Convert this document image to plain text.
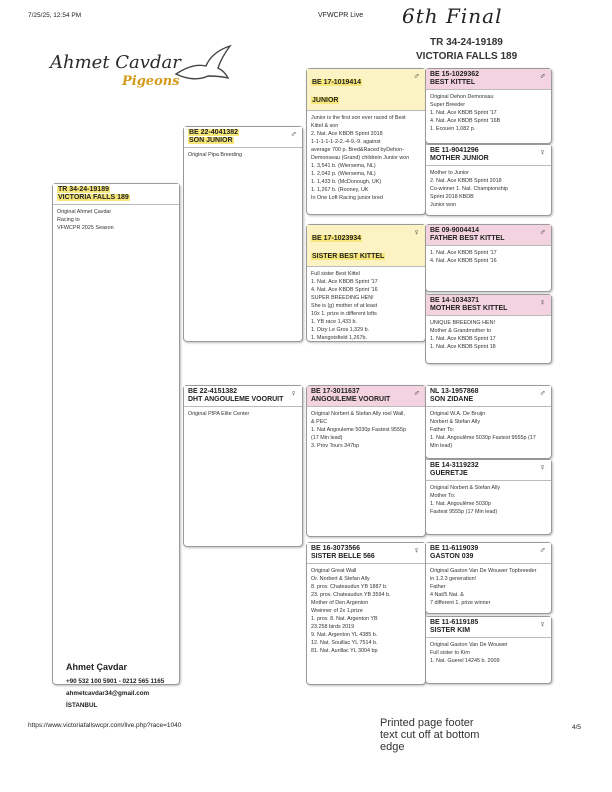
7/25/25, 12:54 PM	VFWCPR Live 6th Final
TR 34-24-19189
VICTORIA FALLS 189
Ahmet Cavdar
Pigeons
TR 34-24-19189
VICTORIA FALLS 189
Original Ahmet Çavdar
Racing to
VFWCPR 2025 Season
BE 22-4041382
SON JUNIOR
♂
Original Pipa Breeding
BE 22-4151382
DHT ANGOULEME VOORUIT
♀
Original PIPA Elite Center
BE 17-1019414
JUNIOR
♂
Junior is the first son ever raced of Best
Kittel & son
2. Nat. Ace KBDB Sprint 2018
1-1-1-1-1-2-2.-4-9.-9. against
average 700 p. Bred&Raced byDehon-
Demonseau (Grand) childrein Junior won
1. 3,541 b. (Wiersema, NL)
1. 2,042 p. (Wiersema, NL)
1. 1,433 b. (McDonough, UK)
1. 1,267 b. (Rooney, UK
In One Loft Racing junior bred
BE 17-1023934
SISTER BEST KITTEL
♀
Full sister Best Kittel
1. Nat. Ace KBDB Sprint '17
4. Nat. Ace KBDB Sprint '16
SUPER BREEDING HEN!
She is (g) mother of at least
10x 1. prize in different lofts
1. YB race 1,433 b.
1. Dizy Le Gros 1,329 b.
1. Mangotsfield 1,267b.
BE 17-3011637
ANGOULEME VOORUIT
♂
Original Norbert & Stefan Ally roel Wall,
& PEC
1. Nat Angouleme 5030p Fastest 9555p
(17 Min lead)
3. Prov Tours 347bp
BE 16-3073566
SISTER BELLE 566
♀
Original Great Wall
Or. Norbert & Stefan Ally
8. prov. Chateaudun YB 1887 b.
23. prov. Chateaudun YB 3594 b.
Mother of Den Argenton
Wwinner of 2x 1.prize
1. prov. 8. Nat. Argenton YB
23.258 birds 2019
9. Nat. Argenton YL 4385 b.
12. Nat. Souillac YL 7514 b.
81. Nat. Aurillac YL 3004 bp
BE 15-1029362
BEST KITTEL
♂
Original Dehon Demonsau
Super Breeder
1. Nat. Ace KBDB Sprint '17
4. Nat. Ace KBDB Sprint '16B
1. Ecouen 1,082 p.
BE 11-9041296
MOTHER JUNIOR
♀
Mother to Junior
2. Nat. Ace KBDB Sprint 2018
Co-winner 1. Nat. Championship
Sprint 2018 KBDB
Junior won
BE 09-9004414
FATHER BEST KITTEL
♂
1. Nat. Ace KBDB Sprint '17
4. Nat. Ace KBDB Sprint '16
BE 14-1034371
MOTHER BEST KITTEL
♀
UNIQUE BREEDING HEN!
Mother & Grandmother to
1. Nat. Ace KBDB Sprint 17
1. Nat. Ace KBDB Sprint 18
NL 13-1957868
SON ZIDANE
♂
Original W.A. De Bruijn
Norbert & Stefan Ally
Father To:
1. Nat. Angoulême 5030p Fastest 9555p (17
Min lead)
BE 14-3119232
GUERETJE
♀
Original Norbert & Stefan Ally
Mother To:
1. Nat. Angoulême 5030p
Fastest 9555p (17 Min lead)
BE 11-6119039
GASTON 039
♂
Original Gaston Van De Wouwer Topbreeder
in 1.2.3 generation!
Father
4 Nat/5 Nat. &
7 different 1. prize winner
BE 11-6119185
SISTER KIM
♀
Original Gaston Van De Wouwer
Full sister to Kim
1. Nat. Guerel 14245 b. 2009
Ahmet Çavdar
+90 532 100 5901 - 0212 565 1165
ahmetcavdar34@gmail.com
İSTANBUL
https://www.victoriafallswcpr.com/live.php?race=1040	Printed page footer text cut off at bottom edge
4/5
